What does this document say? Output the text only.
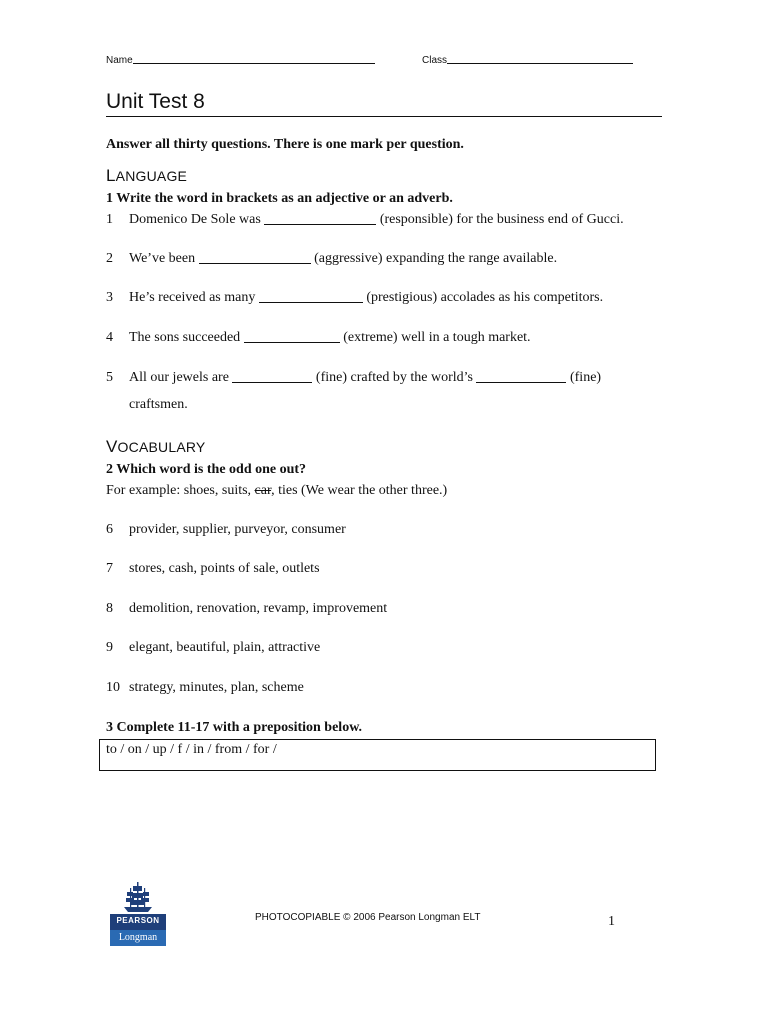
Name	Class
Unit Test 8
Answer all thirty questions. There is one mark per question.
LANGUAGE
1 Write the word in brackets as an adjective or an adverb.
1 Domenico De Sole was	(responsible) for the business end of Gucci.
2 We’ve been	(aggressive) expanding the range available.
3 He’s received as many	(prestigious) accolades as his competitors.
4 The sons succeeded	(extreme) well in a tough market.
5 All our jewels are	(fine) crafted by the world’s	(fine)
craftsmen.
VOCABULARY
2 Which word is the odd one out?
For example: shoes, suits, car, ties (We wear the other three.)
6 provider, supplier, purveyor, consumer
7 stores, cash, points of sale, outlets
8 demolition, renovation, revamp, improvement
9 elegant, beautiful, plain, attractive
10 strategy, minutes, plan, scheme
3 Complete 11-17 with a preposition below.
to / on / up / f / in / from / for /
PEARSON
Longman
PHOTOCOPIABLE © 2006 Pearson Longman ELT	1
